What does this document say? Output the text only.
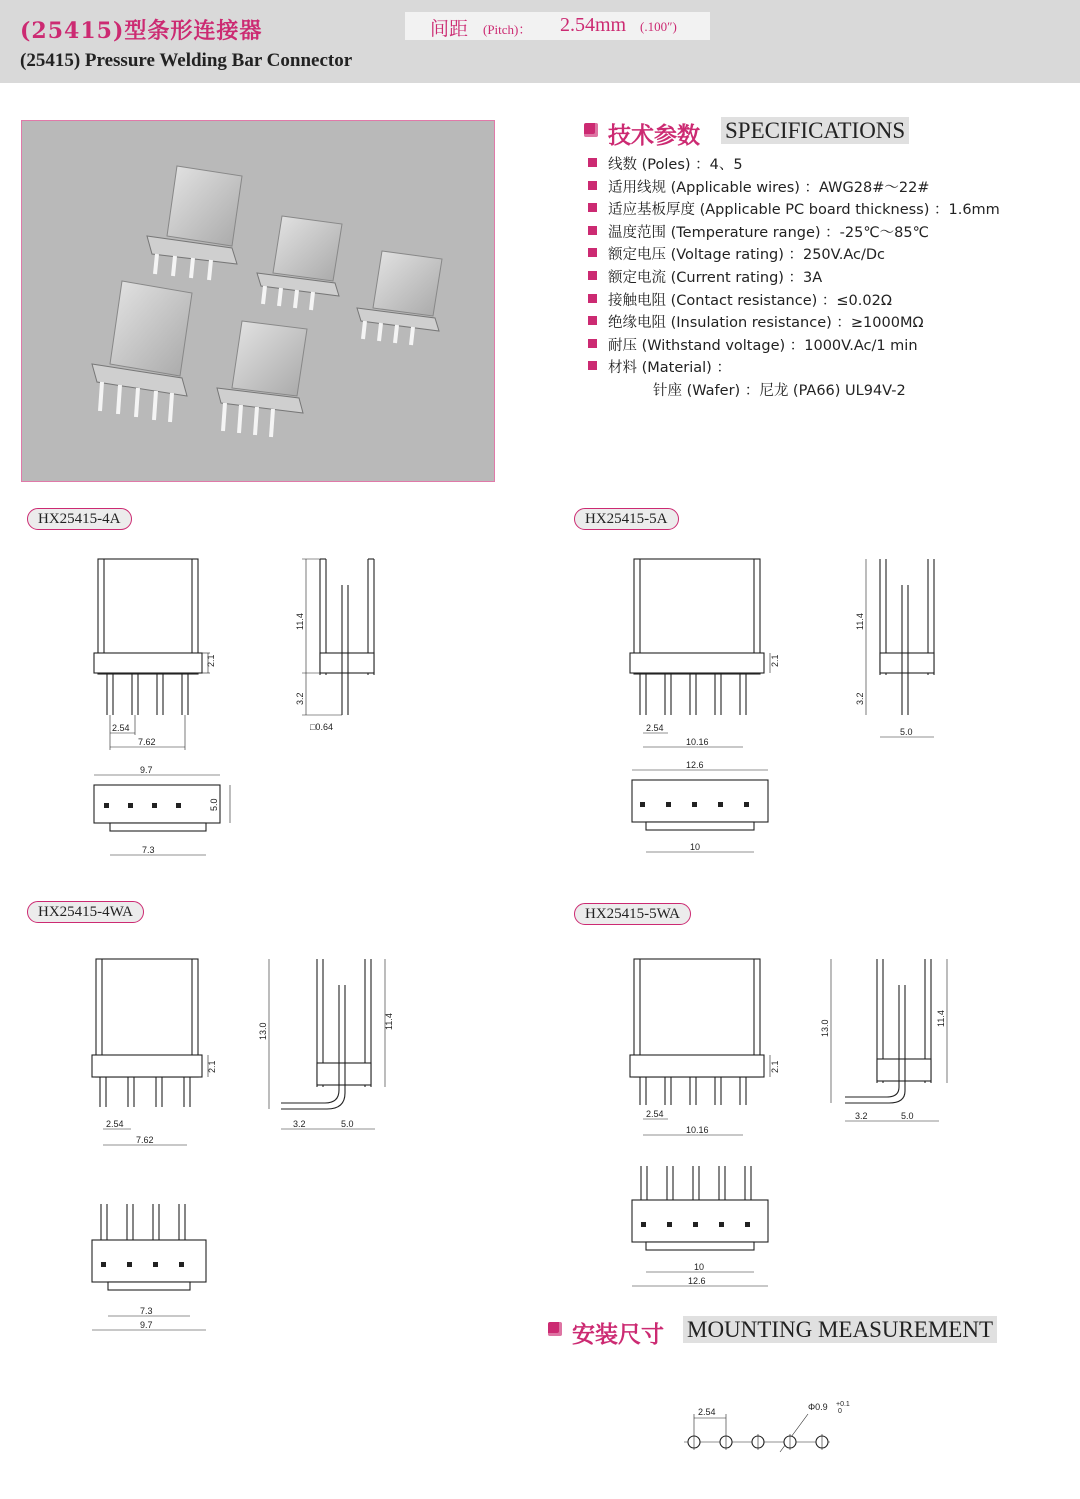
(25415)型条形连接器	间距 (Pitch)： 2.54mm (.100″)
(25415) Pressure Welding Bar Connector
技术参数 SPECIFICATIONS
线数 (Poles) ：4、5
适用线规 (Applicable wires) ：AWG28#～22#
适应基板厚度 (Applicable PC board thickness) ：1.6mm
温度范围 (Temperature range) ：-25℃～85℃
额定电压 (Voltage rating) ：250V.Ac/Dc
额定电流 (Current rating) ：3A
接触电阻 (Contact resistance) ：≤0.02Ω
绝缘电阻 (Insulation resistance) ：≥1000MΩ
耐压 (Withstand voltage) ：1000V.Ac/1 min
材料 (Material) ：
针座 (Wafer) ：尼龙 (PA66) UL94V-2
HX25415-4A	HX25415-5A
HX25415-4WA	HX25415-5WA
2.1
2.54
7.62
11.4
3.2
□0.64
9.7
5.0
7.3
2.1
2.54
10.16
11.4
3.2
5.0
12.6
10
2.1
2.54
7.62
13.0
11.4
3.2	5.0
7.3
9.7
2.1
2.54
10.16
13.0
11.4
3.2	5.0
10
12.6
安装尺寸 MOUNTING MEASUREMENT
2.54	Φ0.9 +0.1
0
